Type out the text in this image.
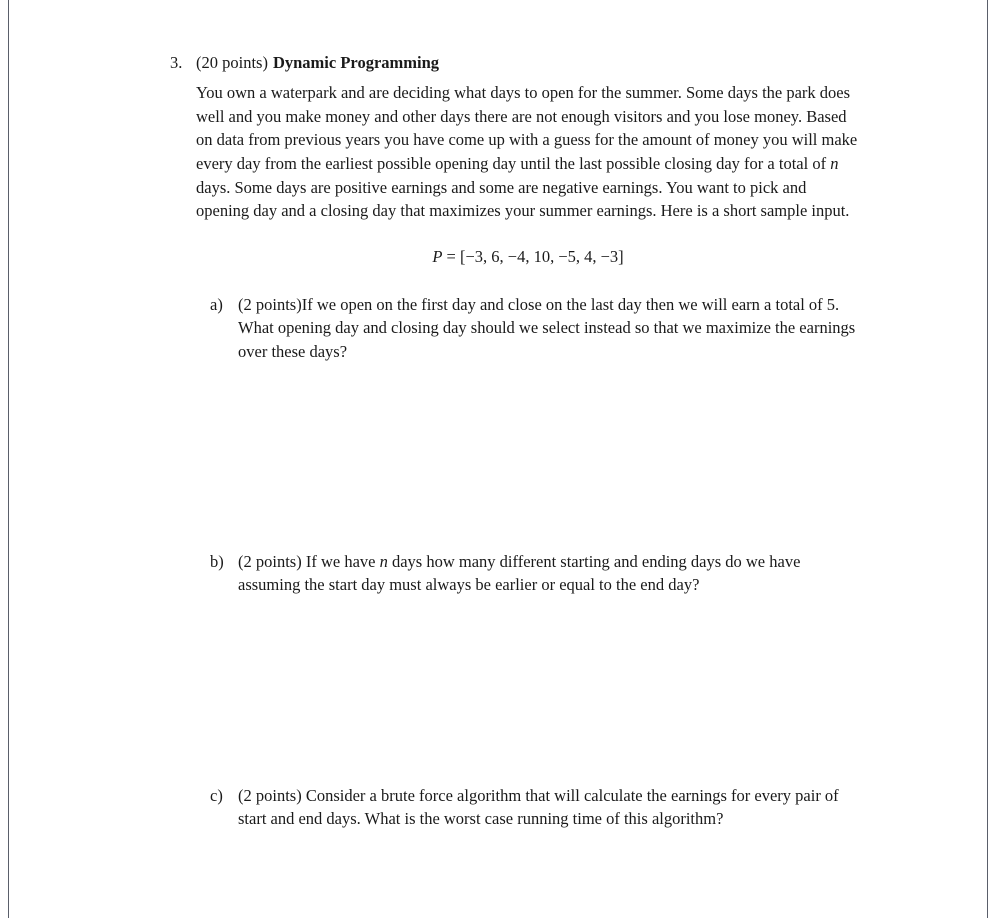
3. (20 points) Dynamic Programming
You own a waterpark and are deciding what days to open for the summer. Some days the park does well and you make money and other days there are not enough visitors and you lose money. Based on data from previous years you have come up with a guess for the amount of money you will make every day from the earliest possible opening day until the last possible closing day for a total of n days. Some days are positive earnings and some are negative earnings. You want to pick and opening day and a closing day that maximizes your summer earnings. Here is a short sample input.
P = [−3, 6, −4, 10, −5, 4, −3]
a) (2 points)If we open on the first day and close on the last day then we will earn a total of 5. What opening day and closing day should we select instead so that we maximize the earnings over these days?
b) (2 points) If we have n days how many different starting and ending days do we have assuming the start day must always be earlier or equal to the end day?
c) (2 points) Consider a brute force algorithm that will calculate the earnings for every pair of start and end days. What is the worst case running time of this algorithm?
